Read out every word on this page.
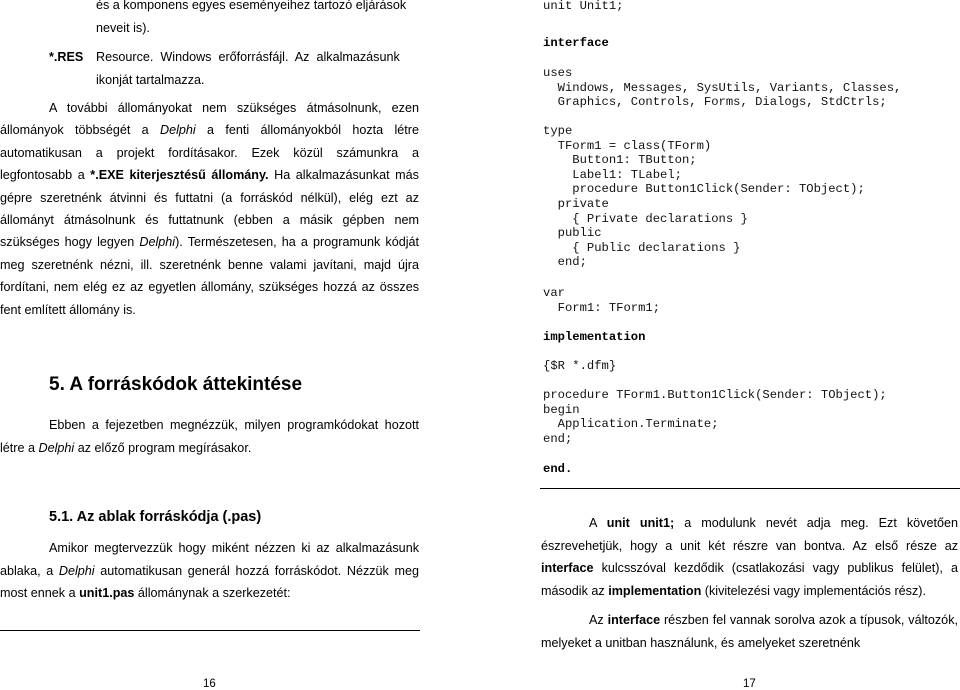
és a komponens egyes eseményeihez tartozó eljárások
neveit is).
*.RES Resource.  Windows  erőforrásfájl.  Az  alkalmazásunk
ikonját tartalmazza.

A további állományokat nem szükséges átmásolnunk, ezen állományok többségét a Delphi a fenti állományokból hozta létre automatikusan a projekt fordításakor. Ezek közül számunkra a legfontosabb a *.EXE kiterjesztésű állomány. Ha alkalmazásunkat más gépre szeretnénk átvinni és futtatni (a forráskód nélkül), elég ezt az állományt átmásolnunk és futtatnunk (ebben a másik gépben nem szükséges hogy legyen Delphi). Természetesen, ha a programunk kódját meg szeretnénk nézni, ill. szeretnénk benne valami javítani, majd újra fordítani, nem elég ez az egyetlen állomány, szükséges hozzá az összes fent említett állomány is.

5. A forráskódok áttekintése

Ebben a fejezetben megnézzük, milyen programkódokat hozott létre a Delphi az előző program megírásakor.

5.1. Az ablak forráskódja (.pas)

Amikor megtervezzük hogy miként nézzen ki az alkalmazásunk ablaka, a Delphi automatikusan generál hozzá forráskódot. Nézzük meg most ennek a unit1.pas állománynak a szerkezetét:

16
unit Unit1;
interface
uses
Windows, Messages, SysUtils, Variants, Classes,
Graphics, Controls, Forms, Dialogs, StdCtrls;
type
TForm1 = class(TForm)
Button1: TButton;
Label1: TLabel;
procedure Button1Click(Sender: TObject);
private
{ Private declarations }
public
{ Public declarations }
end;
var
Form1: TForm1;
implementation
{$R *.dfm}
procedure TForm1.Button1Click(Sender: TObject);
begin
Application.Terminate;
end;
end.

A unit unit1; a modulunk nevét adja meg. Ezt követően észrevehetjük, hogy a unit két részre van bontva. Az első része az interface kulcsszóval kezdődik (csatlakozási vagy publikus felület), a második az implementation (kivitelezési vagy implementációs rész).

Az interface részben fel vannak sorolva azok a típusok, változók, melyeket a unitban használunk, és amelyeket szeretnénk

17
